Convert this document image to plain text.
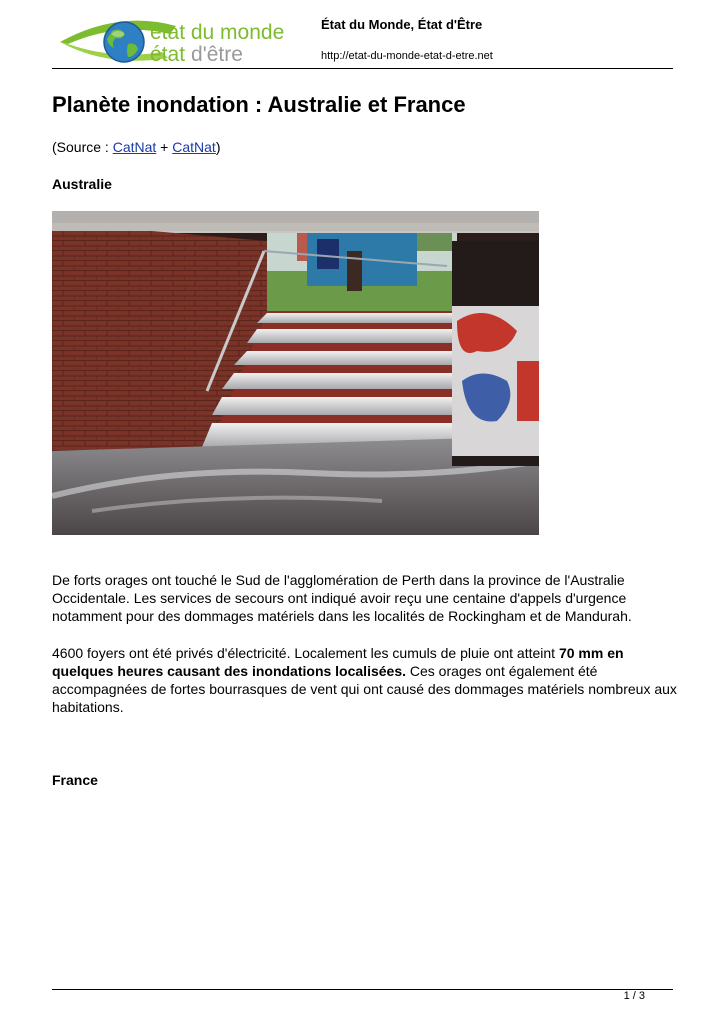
état du monde
état d'être
État du Monde, État d'Être
http://etat-du-monde-etat-d-etre.net
Planète inondation : Australie et France
(Source : CatNat + CatNat)
Australie

De forts orages ont touché le Sud de l'agglomération de Perth dans la province de l'Australie Occidentale. Les services de secours ont indiqué avoir reçu une centaine d'appels d'urgence notamment pour des dommages matériels dans les localités de Rockingham et de Mandurah.

4600 foyers ont été privés d'électricité. Localement les cumuls de pluie ont atteint 70 mm en quelques heures causant des inondations localisées. Ces orages ont également été accompagnées de fortes bourrasques de vent qui ont causé des dommages matériels nombreux aux habitations.

France
1 / 3
